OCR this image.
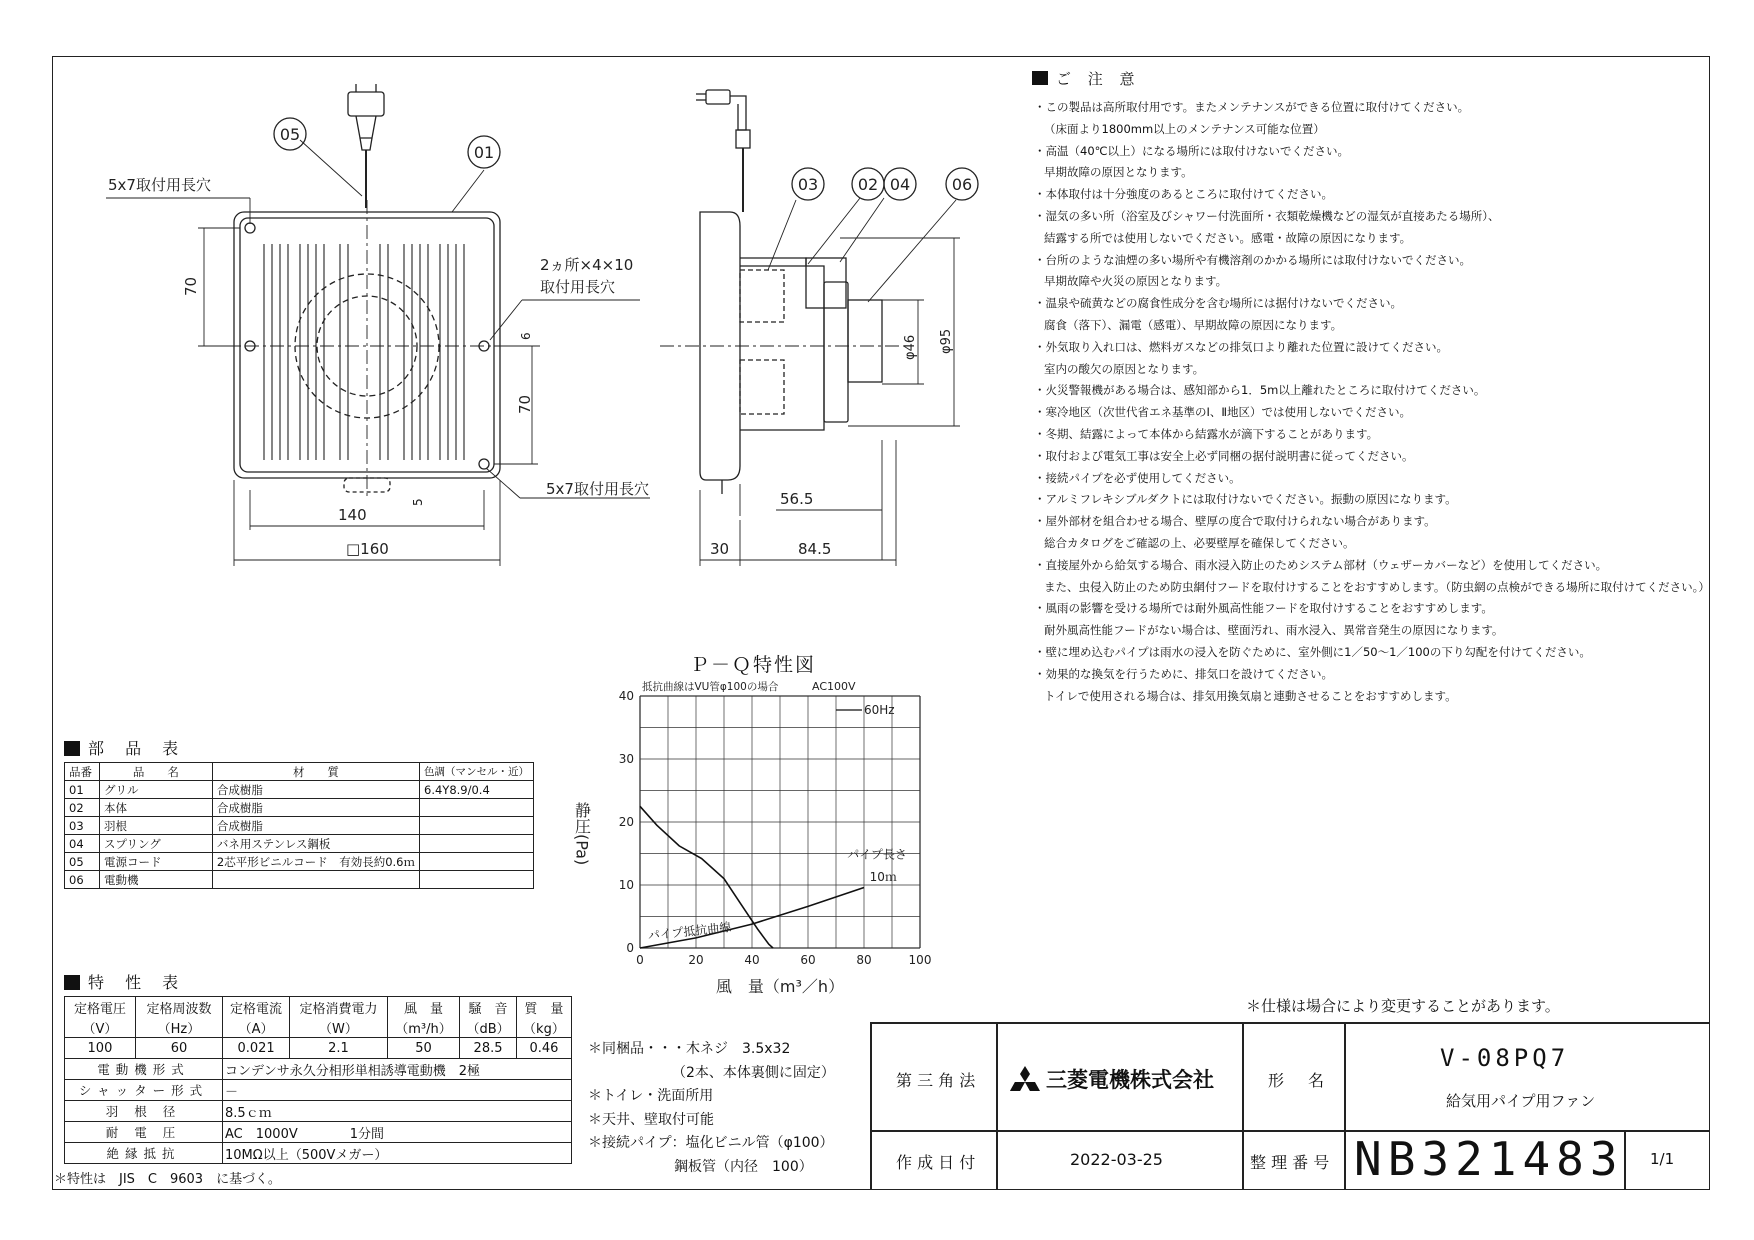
05
01
03 02 04	06
5x7取付用長穴
2ヵ所×4×10
取付用長穴
5x7取付用長穴
140
□160
56.5
30	84.5
70
70
6
5
φ46 φ95
ご 注 意
・この製品は高所取付用です。またメンテナンスができる位置に取付けてください。
（床面より1800mm以上のメンテナンス可能な位置）
・高温（40℃以上）になる場所には取付けないでください。
早期故障の原因となります。
・本体取付は十分強度のあるところに取付けてください。
・湿気の多い所（浴室及びシャワー付洗面所・衣類乾燥機などの湿気が直接あたる場所）、
結露する所では使用しないでください。感電・故障の原因になります。
・台所のような油煙の多い場所や有機溶剤のかかる場所には取付けないでください。
早期故障や火災の原因となります。
・温泉や硫黄などの腐食性成分を含む場所には据付けないでください。
腐食（落下）、漏電（感電）、早期故障の原因になります。
・外気取り入れ口は、燃料ガスなどの排気口より離れた位置に設けてください。
室内の酸欠の原因となります。
・火災警報機がある場合は、感知部から1．5m以上離れたところに取付けてください。
・寒冷地区（次世代省エネ基準のⅠ、Ⅱ地区）では使用しないでください。
・冬期、結露によって本体から結露水が滴下することがあります。
・取付および電気工事は安全上必ず同梱の据付説明書に従ってください。
・接続パイプを必ず使用してください。
・アルミフレキシブルダクトには取付けないでください。振動の原因になります。
・屋外部材を組合わせる場合、壁厚の度合で取付けられない場合があります。
総合カタログをご確認の上、必要壁厚を確保してください。
・直接屋外から給気する場合、雨水浸入防止のためシステム部材（ウェザーカバーなど）を使用してください。
また、虫侵入防止のため防虫網付フードを取付けすることをおすすめします。（防虫網の点検ができる場所に取付けてください。）
・風雨の影響を受ける場所では耐外風高性能フードを取付けすることをおすすめします。
耐外風高性能フードがない場合は、壁面汚れ、雨水浸入、異常音発生の原因になります。
・壁に埋め込むパイプは雨水の浸入を防ぐために、室外側に1／50～1／100の下り勾配を付けてください。
・効果的な換気を行うために、排気口を設けてください。
トイレで使用される場合は、排気用換気扇と連動させることをおすすめします。
Ｐ－Ｑ特性図
0	20	40	60	80	100
0
10
20
30
40
抵抗曲線はVU管φ100の場合	AC100V
60Hz
パイプ長さ
10ｍ
パイプ抵抗曲線
風　量（m³／h）
静圧(Pa)
部 品 表
品番	品　　名	材　　質	色調（マンセル・近）
01	グリル	合成樹脂	6.4Y8.9/0.4
02	本体	合成樹脂	
03	羽根	合成樹脂	
04	スプリング	バネ用ステンレス鋼板	
05	電源コード	2芯平形ビニルコード　有効長約0.6ｍ	
06	電動機		
特 性 表
定格電圧	定格周波数	定格電流	定格消費電力	風　量	騒　音	質　量
（V）	（Hz）	（A）	（W）	（m³/h）	（dB）	（kg）
100	60	0.021	2.1	50	28.5	0.46
電動機形式		コンデンサ永久分相形単相誘導電動機　2極				
シャッター形式		－				
羽 根 径		8.5ｃｍ				
耐 電 圧		AC　1000V　　　　1分間				
絶縁抵抗		10MΩ以上（500Vメガー）				
＊特性は　JIS　C　9603　に基づく。
＊同梱品・・・木ネジ　3.5x32
（2本、本体裏側に固定）
＊トイレ・洗面所用
＊天井、壁取付可能
＊接続パイプ：塩化ビニル管（φ100）
鋼板管（内径　100）
＊仕様は場合により変更することがあります。
第 三 角 法	三菱電機株式会社	形　名
V-08PQ7
給気用パイプ用ファン
作 成 日 付	2022-03-25	整 理 番 号 NB321483 1/1
